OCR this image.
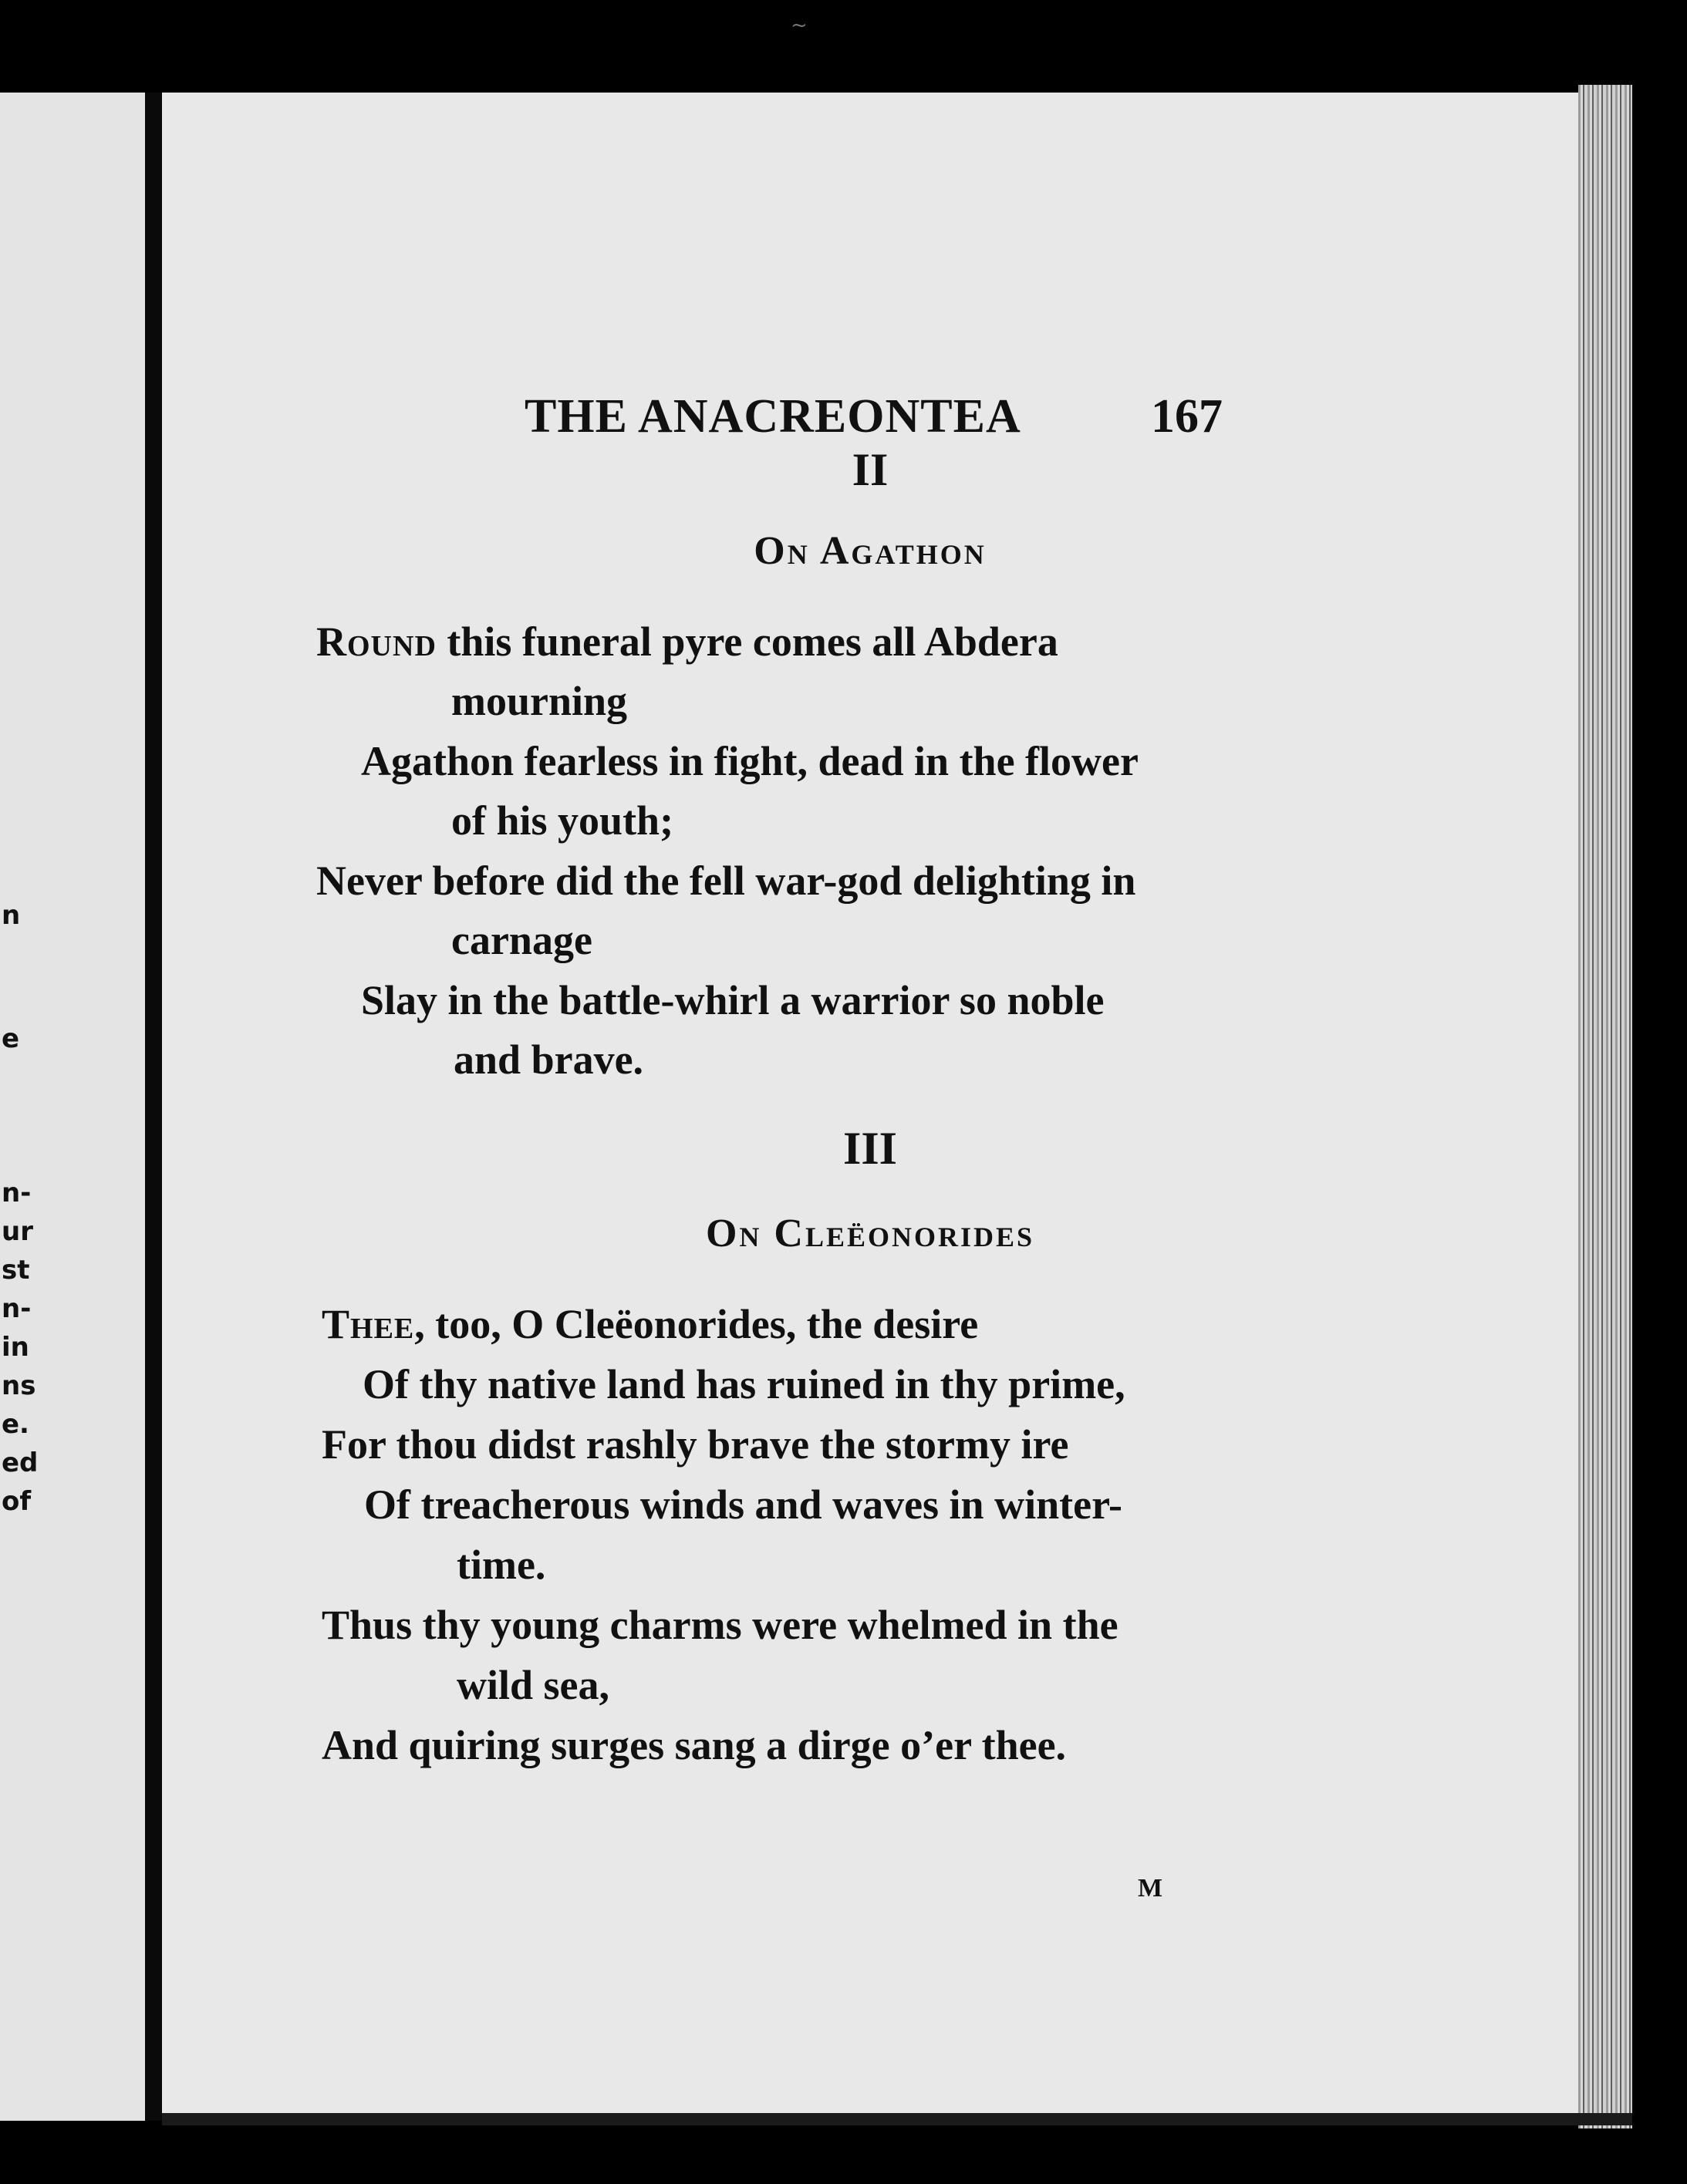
~
n
e
n-
ur
st
n-
in
ns
e.
ed
of
THE ANACREONTEA	167
II
On Agathon
Round this funeral pyre comes all Abdera
mourning
Agathon fearless in fight, dead in the flower
of his youth;
Never before did the fell war-god delighting in
carnage
Slay in the battle-whirl a warrior so noble
and brave.
III
On Cleëonorides
Thee, too, O Cleëonorides, the desire
Of thy native land has ruined in thy prime,
For thou didst rashly brave the stormy ire
Of treacherous winds and waves in winter-
time.
Thus thy young charms were whelmed in the
wild sea,
And quiring surges sang a dirge o’er thee.
M
